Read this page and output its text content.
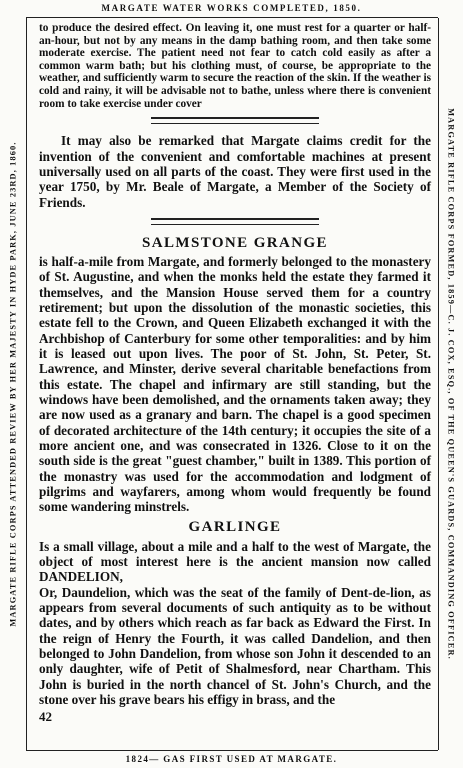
MARGATE WATER WORKS COMPLETED, 1850.
MARGATE RIFLE CORPS ATTENDED REVIEW BY HER MAJESTY IN HYDE PARK, JUNE 23RD, 1860.	MARGATE RIFLE CORPS FORMED, 1859—C. J. COX, ESQ., OF THE QUEEN'S GUARDS, COMMANDING OFFICER.

to produce the desired effect. On leaving it, one must rest for a quarter or half-an-hour, but not by any means in the damp bathing room, and then take some moderate exercise. The patient need not fear to catch cold easily as after a common warm bath; but his clothing must, of course, be appropriate to the weather, and sufficiently warm to secure the reaction of the skin. If the weather is cold and rainy, it will be advisable not to bathe, unless where there is convenient room to take exercise under cover

It may also be remarked that Margate claims credit for the invention of the convenient and comfortable machines at present universally used on all parts of the coast. They were first used in the year 1750, by Mr. Beale of Margate, a Member of the Society of Friends.

SALMSTONE GRANGE

is half-a-mile from Margate, and formerly belonged to the monastery of St. Augustine, and when the monks held the estate they farmed it themselves, and the Mansion House served them for a country retirement; but upon the dissolution of the monastic societies, this estate fell to the Crown, and Queen Elizabeth exchanged it with the Archbishop of Canterbury for some other temporalities: and by him it is leased out upon lives. The poor of St. John, St. Peter, St. Lawrence, and Minster, derive several charitable benefactions from this estate. The chapel and infirmary are still standing, but the windows have been demolished, and the ornaments taken away; they are now used as a granary and barn. The chapel is a good specimen of decorated architecture of the 14th century; it occupies the site of a more ancient one, and was consecrated in 1326. Close to it on the south side is the great "guest chamber," built in 1389. This portion of the monastry was used for the accommodation and lodgment of pilgrims and wayfarers, among whom would frequently be found some wandering minstrels.

GARLINGE

Is a small village, about a mile and a half to the west of Margate, the object of most interest here is the ancient mansion now called DANDELION,

Or, Daundelion, which was the seat of the family of Dent-de-lion, as appears from several documents of such antiquity as to be without dates, and by others which reach as far back as Edward the First. In the reign of Henry the Fourth, it was called Dandelion, and then belonged to John Dandelion, from whose son John it descended to an only daughter, wife of Petit of Shalmesford, near Chartham. This John is buried in the north chancel of St. John's Church, and the stone over his grave bears his effigy in brass, and the

42
1824— GAS FIRST USED AT MARGATE.
